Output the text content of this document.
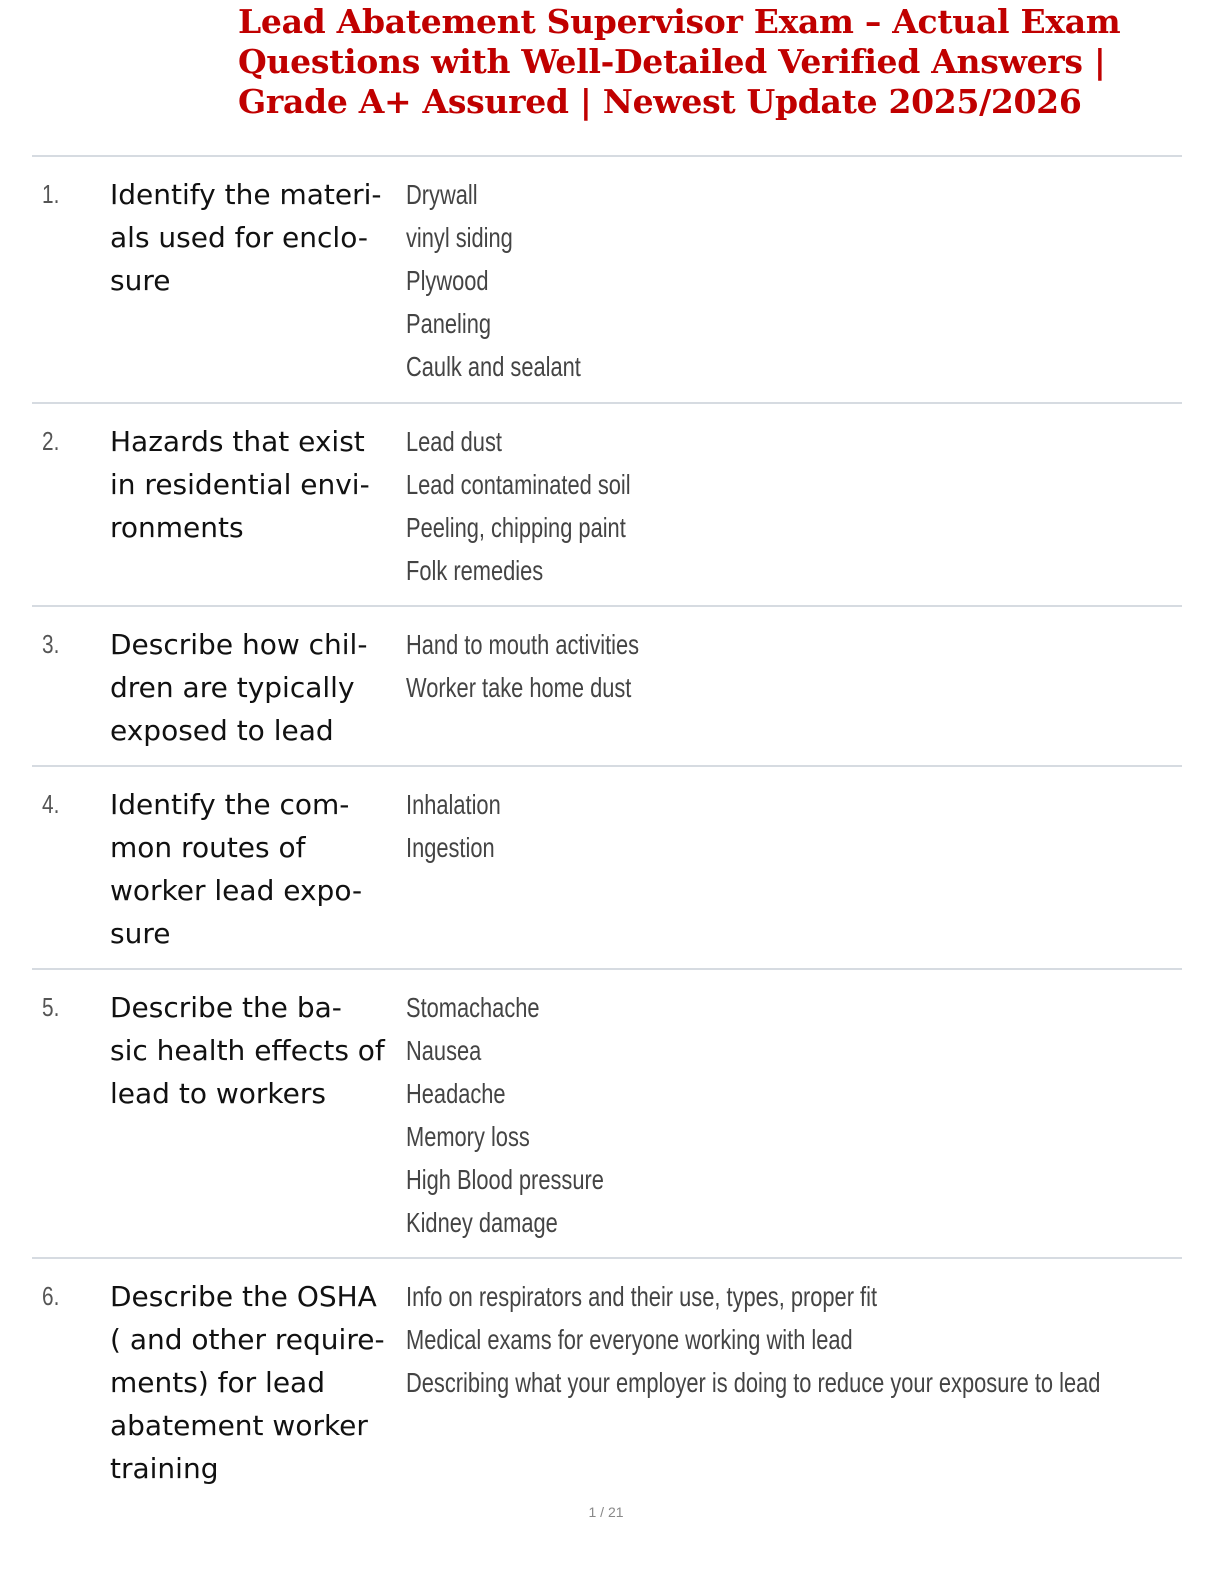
Lead Abatement Supervisor Exam – Actual Exam
Questions with Well-Detailed Verified Answers |
Grade A+ Assured | Newest Update 2025/2026
1. Identify the materi-
als used for enclo-
sure
Drywall
vinyl siding
Plywood
Paneling
Caulk and sealant
2. Hazards that exist
in residential envi-
ronments
Lead dust
Lead contaminated soil
Peeling, chipping paint
Folk remedies
3. Describe how chil-
dren are typically
exposed to lead
Hand to mouth activities
Worker take home dust
4. Identify the com-
mon routes of
worker lead expo-
sure
Inhalation
Ingestion
5. Describe the ba-
sic health effects of
lead to workers
Stomachache
Nausea
Headache
Memory loss
High Blood pressure
Kidney damage
6. Describe the OSHA
( and other require-
ments) for lead
abatement worker
training
Info on respirators and their use, types, proper fit
Medical exams for everyone working with lead
Describing what your employer is doing to reduce your exposure to lead
1 / 21
